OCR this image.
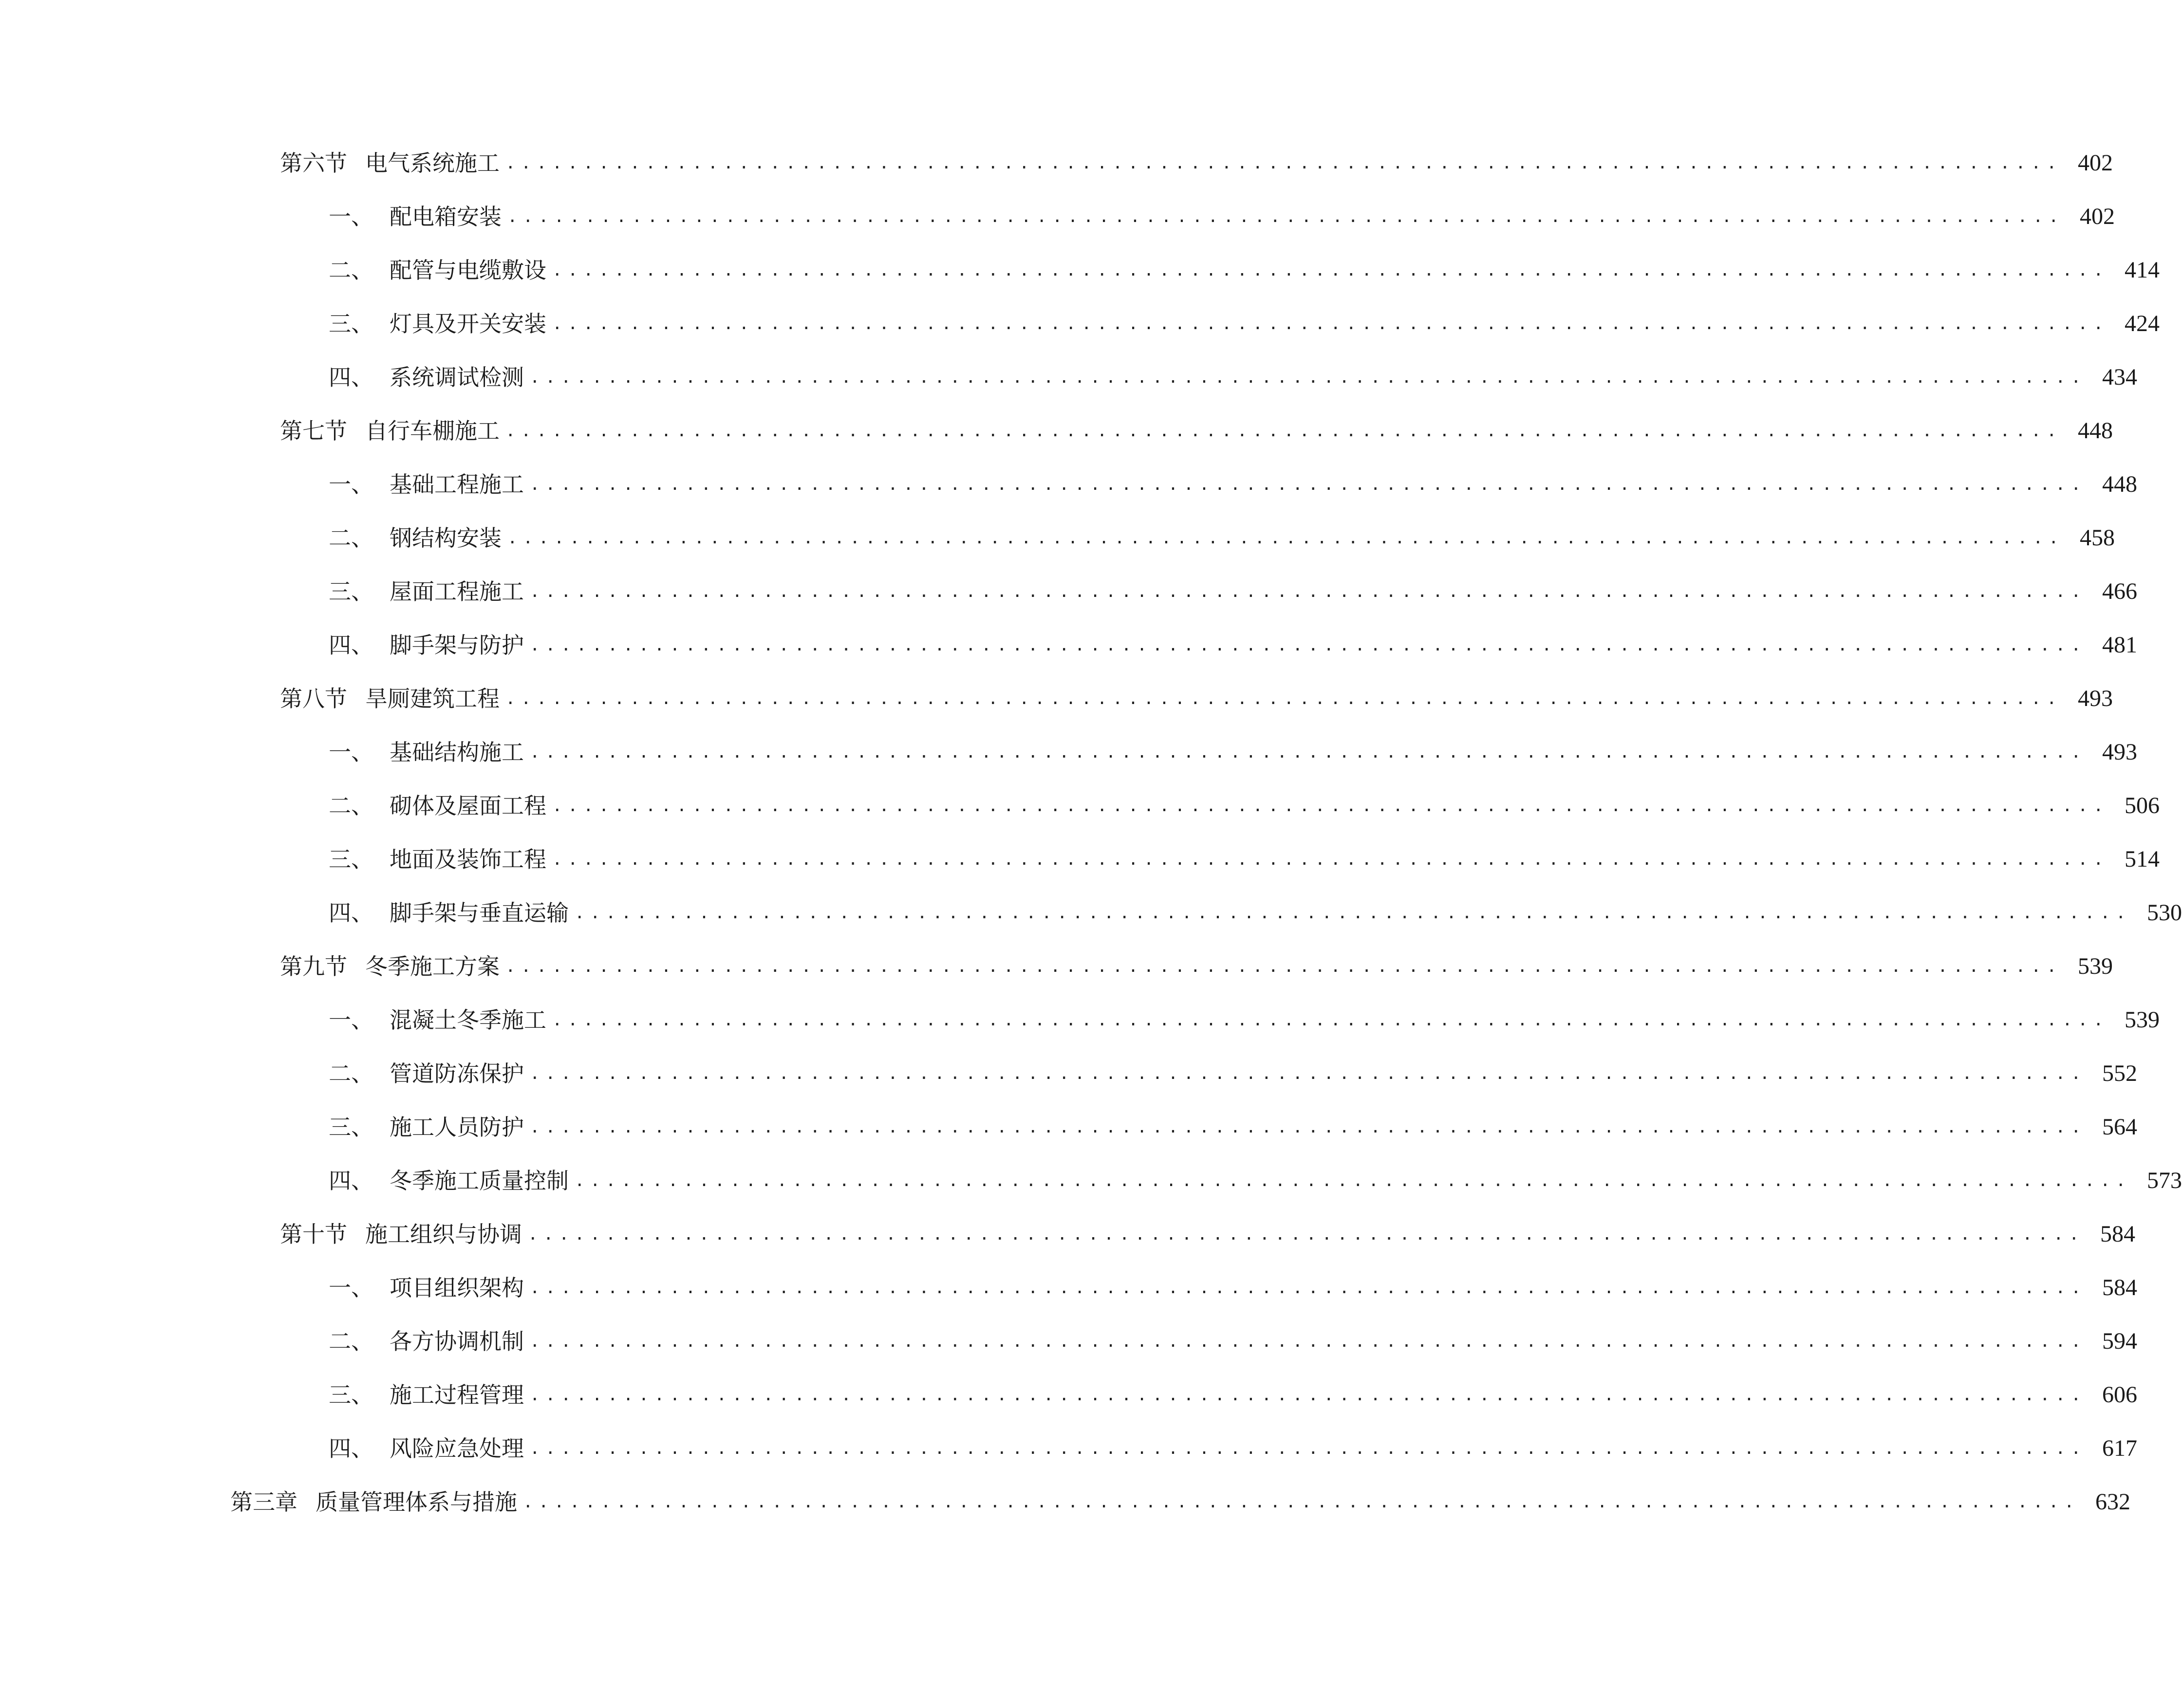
第六节 电气系统施工 .................................................................................................... 402
一、 配电箱安装 .................................................................................................... 402
二、 配管与电缆敷设 .................................................................................................... 414
三、 灯具及开关安装 .................................................................................................... 424
四、 系统调试检测 .................................................................................................... 434
第七节 自行车棚施工 .................................................................................................... 448
一、 基础工程施工 .................................................................................................... 448
二、 钢结构安装 .................................................................................................... 458
三、 屋面工程施工 .................................................................................................... 466
四、 脚手架与防护 .................................................................................................... 481
第八节 旱厕建筑工程 .................................................................................................... 493
一、 基础结构施工 .................................................................................................... 493
二、 砌体及屋面工程 .................................................................................................... 506
三、 地面及装饰工程 .................................................................................................... 514
四、 脚手架与垂直运输 .................................................................................................... 530
第九节 冬季施工方案 .................................................................................................... 539
一、 混凝土冬季施工 .................................................................................................... 539
二、 管道防冻保护 .................................................................................................... 552
三、 施工人员防护 .................................................................................................... 564
四、 冬季施工质量控制 .................................................................................................... 573
第十节 施工组织与协调 .................................................................................................... 584
一、 项目组织架构 .................................................................................................... 584
二、 各方协调机制 .................................................................................................... 594
三、 施工过程管理 .................................................................................................... 606
四、 风险应急处理 .................................................................................................... 617
第三章 质量管理体系与措施 .................................................................................................... 632
